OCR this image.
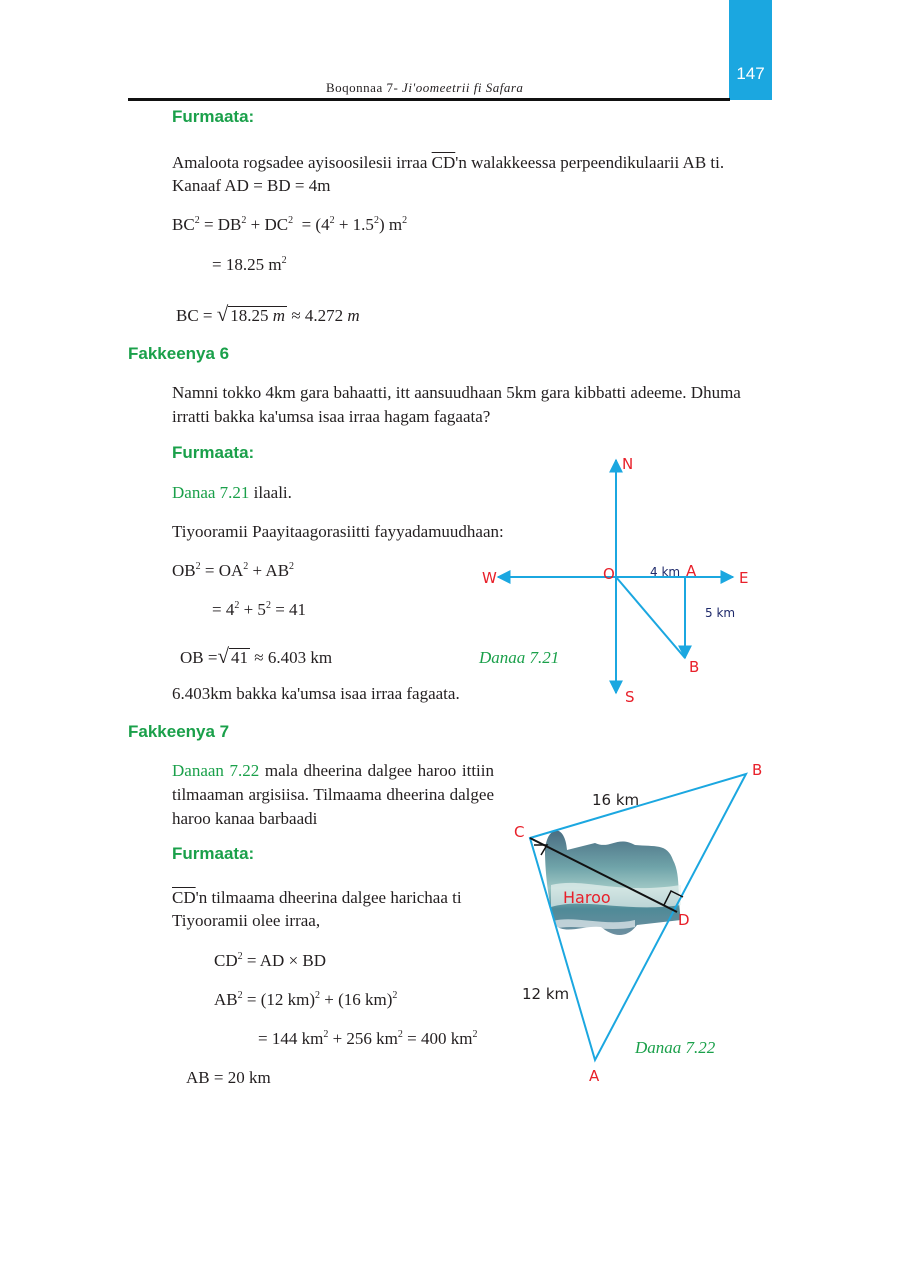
147
Boqonnaa 7- Ji'oomeetrii fi Safara
Furmaata:
Amaloota rogsadee ayisoosilesii irraa $\overline{CD}'n$ walakkeessa perpeendikulaarii AB ti.
Kanaaf AD = BD = 4m
$BC^2 = DB^2 + DC^2 = (4^2 + 1.5^2)$ $m^2$
= 18.25 $m^2$
BC = √ 18.25 m ≈ 4.272 m
Fakkeenya 6
Namni tokko 4km gara bahaatti, itt aansuudhaan 5km gara kibbatti adeeme. Dhuma irratti bakka ka'umsa isaa irraa hagam fagaata?
Furmaata:
Danaa 7.21 ilaali.
Tiyooramii Paayitaagorasiitti fayyadamuudhaan:
$OB^2 = OA^2 + AB^2$
= $4^2 + 5^2 = 41$
OB =√ 41 ≈ 6.403 km
6.403km bakka ka'umsa isaa irraa fagaata.
N
S
W	E
O	A
B
4 km
5 km
Danaa 7.21
Fakkeenya 7
Danaan 7.22 mala dheerina dalgee haroo ittiin tilmaaman argisiisa. Tilmaama dheerina dalgee haroo kanaa barbaadi
Furmaata:
$\overline{CD}'n$ tilmaama dheerina dalgee harichaa ti
Tiyooramii olee irraa,
$CD^2$ = AD × BD
$AB^2 = (12$ km)$^2$ + (16 km)$^2$
= 144 $km^2 + 256$ $km^2 = 400$ $km^2$
AB = 20 km
B
C
D
A
16 km
12 km
Haroo
Danaa 7.22
